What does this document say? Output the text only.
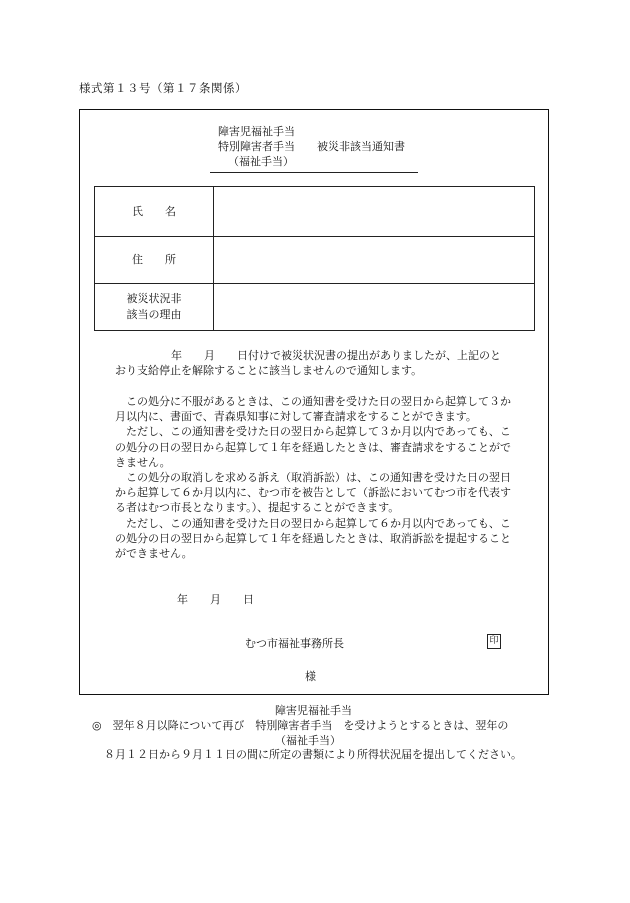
様式第１３号（第１７条関係）
障害児福祉手当
特別障害者手当　　 被災非該当通知書
（福祉手当）
氏　　名
住　　所
被災状況非
該当の理由

年　　月　　日付けで被災状況書の提出がありましたが、上記のと

おり支給停止を解除することに該当しませんので通知します。

この処分に不服があるときは、この通知書を受けた日の翌日から起算して３か月以内に、書面で、青森県知事に対して審査請求をすることができます。

ただし、この通知書を受けた日の翌日から起算して３か月以内であっても、この処分の日の翌日から起算して１年を経過したときは、審査請求をすることができません。

この処分の取消しを求める訴え（取消訴訟）は、この通知書を受けた日の翌日から起算して６か月以内に、むつ市を被告として（訴訟においてむつ市を代表する者はむつ市長となります。）、提起することができます。

ただし、この通知書を受けた日の翌日から起算して６か月以内であっても、この処分の日の翌日から起算して１年を経過したときは、取消訴訟を提起することができません。

年　　月　　日
むつ市福祉事務所長	印
様
障害児福祉手当
◎　翌年８月以降について再び　特別障害者手当　を受けようとするときは、翌年の
（福祉手当）
８月１２日から９月１１日の間に所定の書類により所得状況届を提出してください。
